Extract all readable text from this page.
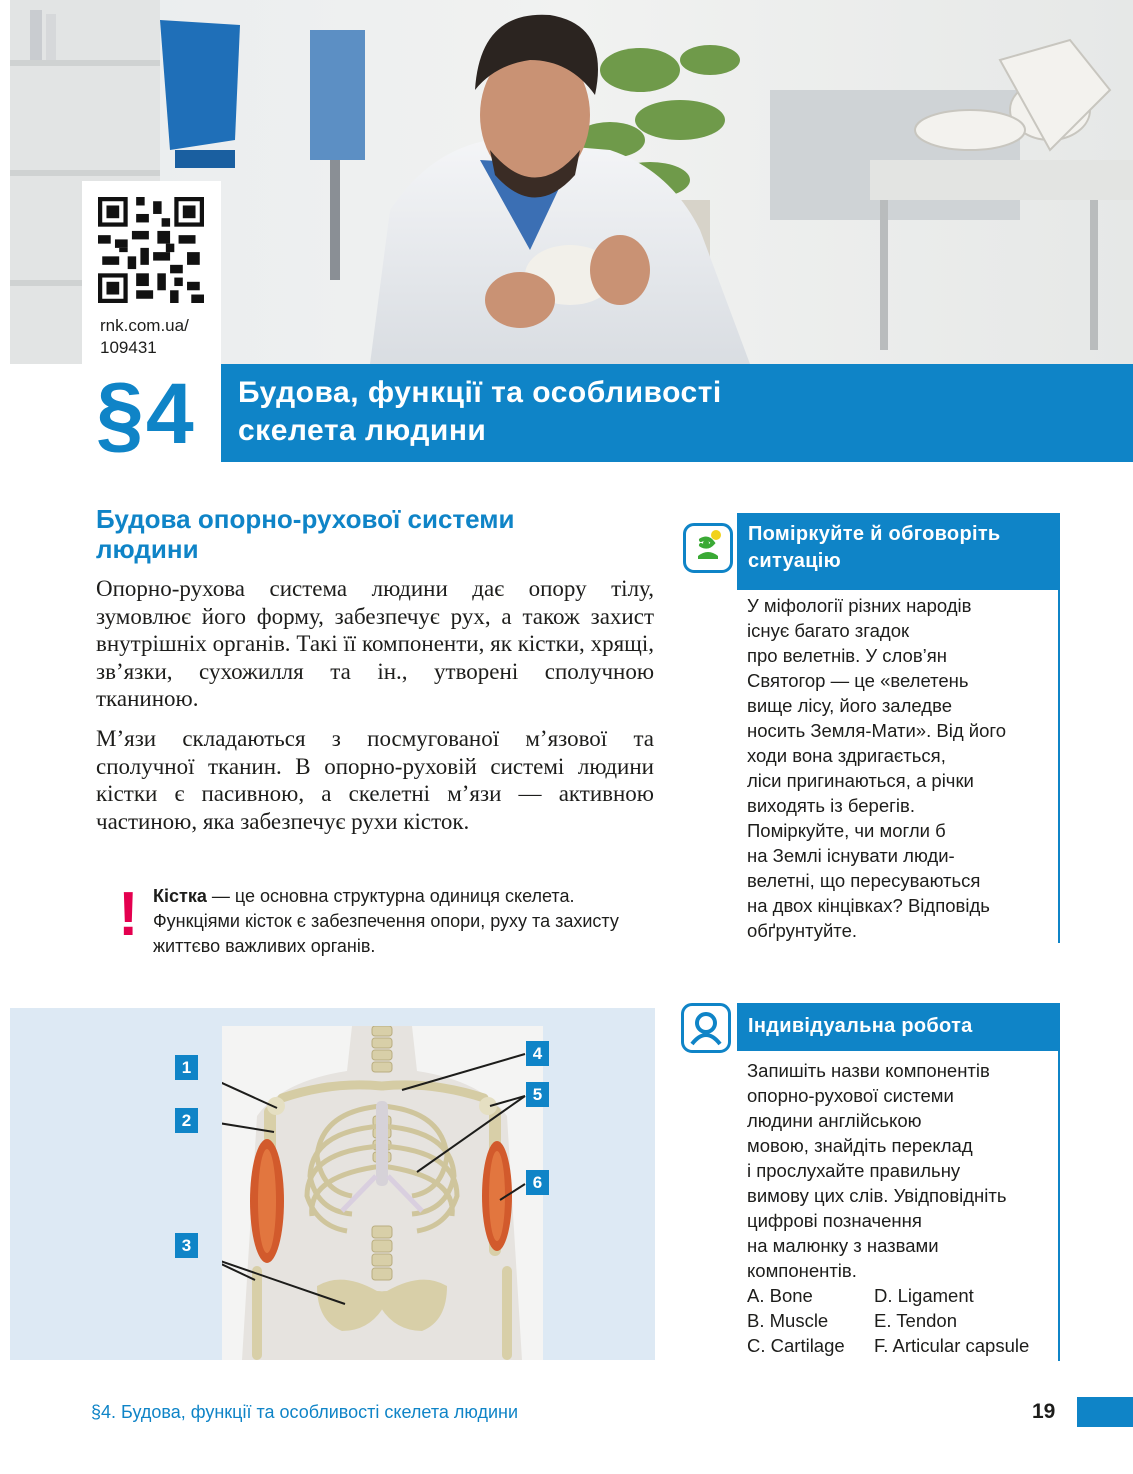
rnk.com.ua/
109431
§4 Будова, функції та особливості
скелета людини
Будова опорно-рухової системи
людини

Опорно-рухова система людини дає опору тілу, зумовлює його форму, забезпечує рух, а також захист внутрішніх органів. Такі її компоненти, як кістки, хрящі, зв’язки, сухожилля та ін., утворені сполучною тканиною.

М’язи складаються з посмугованої м’язової та сполучної тканин. В опорно-руховій системі людини кістки є пасивною, а скелетні м’язи — активною частиною, яка забезпечує рухи кісток.

! Кістка — це основна структурна одиниця скелета. Функціями кісток є забезпечення опори, руху та захисту життєво важливих органів.
1
2
3
4
5
6
Поміркуйте й обговоріть
ситуацію
У міфології різних народів
існує багато згадок
про велетнів. У слов’ян
Святогор — це «велетень
вище лісу, його заледве
носить Земля-Мати». Від його
ходи вона здригається,
ліси пригинаються, а річки
виходять із берегів.
Поміркуйте, чи могли б
на Землі існувати люди-
велетні, що пересуваються
на двох кінцівках? Відповідь
обґрунтуйте.
Індивідуальна робота
Запишіть назви компонентів
опорно-рухової системи
людини англійською
мовою, знайдіть переклад
і прослухайте правильну
вимову цих слів. Увідповідніть
цифрові позначення
на малюнку з назвами
компонентів.
A. Bone	D. Ligament
B. Muscle	E. Tendon
C. Cartilage	F. Articular capsule
§4. Будова, функції та особливості скелета людини	19
